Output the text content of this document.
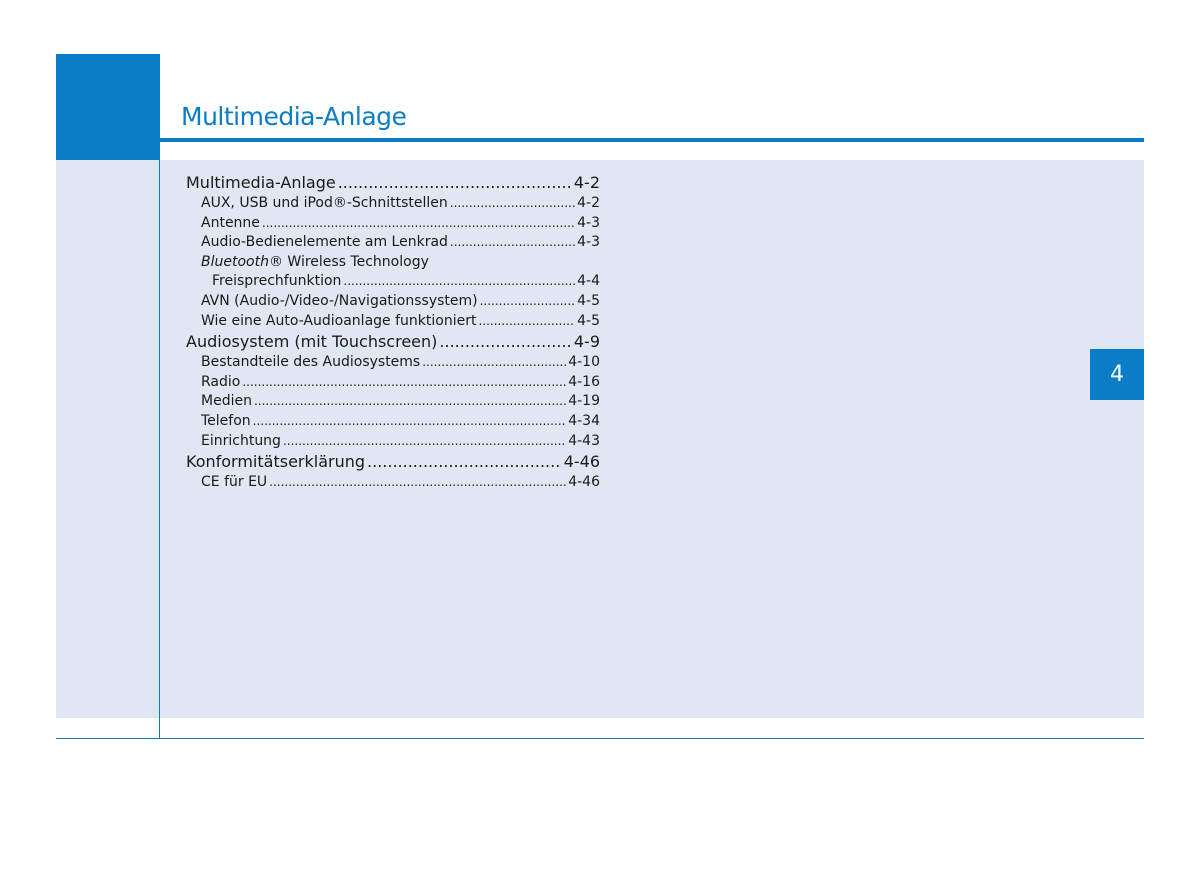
Multimedia-Anlage
4
Multimedia-Anlage .....	4-2
AUX, USB und iPod®-Schnittstellen .....	4-2
Antenne .....	4-3
Audio-Bedienelemente am Lenkrad .....	4-3
Bluetooth® Wireless Technology
Freisprechfunktion .....	4-4
AVN (Audio-/Video-/Navigationssystem) .....	4-5
Wie eine Auto-Audioanlage funktioniert .....	4-5
Audiosystem (mit Touchscreen) .....	4-9
Bestandteile des Audiosystems .....	4-10
Radio .....	4-16
Medien .....	4-19
Telefon .....	4-34
Einrichtung .....	4-43
Konformitätserklärung .....	4-46
CE für EU .....	4-46
